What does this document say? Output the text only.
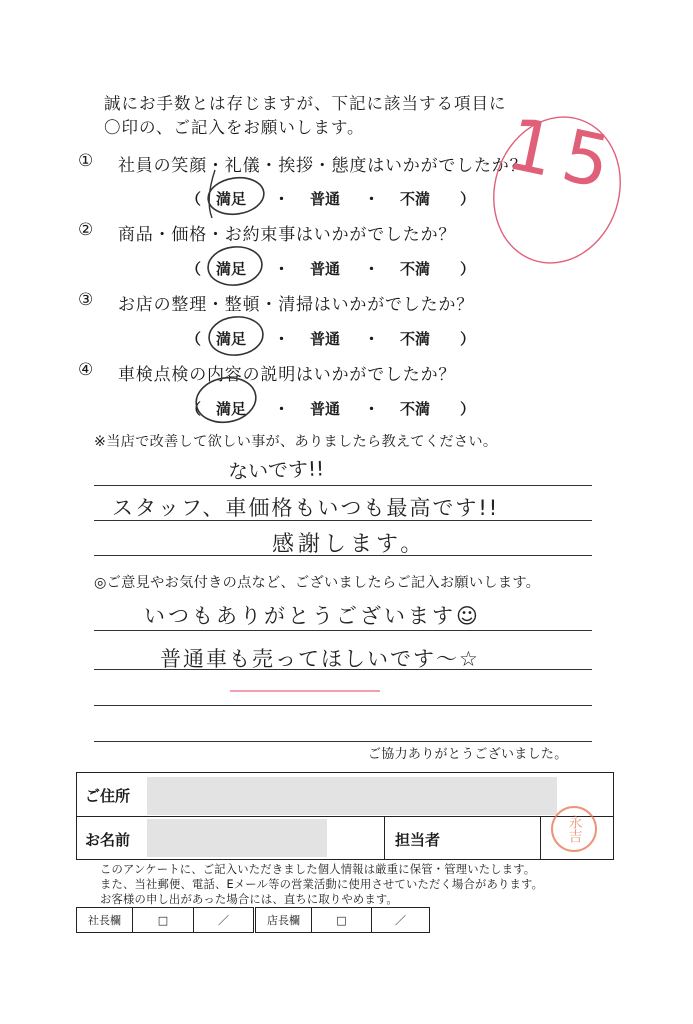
誠にお手数とは存じますが、下記に該当する項目に
〇印の、ご記入をお願いします。
① 社員の笑顔・礼儀・挨拶・態度はいかがでしたか？
（ 満足	・	普通	・	不満	）
② 商品・価格・お約束事はいかがでしたか？
（ 満足	・	普通	・	不満	）
③ お店の整理・整頓・清掃はいかがでしたか？
（ 満足	・	普通	・	不満	）
④ 車検点検の内容の説明はいかがでしたか？
（ 満足	・	普通	・	不満	）
15
※当店で改善して欲しい事が、ありましたら教えてください。
ないです!!
スタッフ、車価格もいつも最高です!!
感謝します。
◎ご意見やお気付きの点など、ございましたらご記入お願いします。
いつもありがとうございます☺
普通車も売ってほしいです～☆
ご協力ありがとうございました。
ご住所
お名前	担当者	永吉
このアンケートに、ご記入いただきました個人情報は厳重に保管・管理いたします。
また、当社郵便、電話、Eメール等の営業活動に使用させていただく場合があります。
お客様の申し出があった場合には、直ちに取りやめます。
社長欄	□	／	店長欄	□	／
